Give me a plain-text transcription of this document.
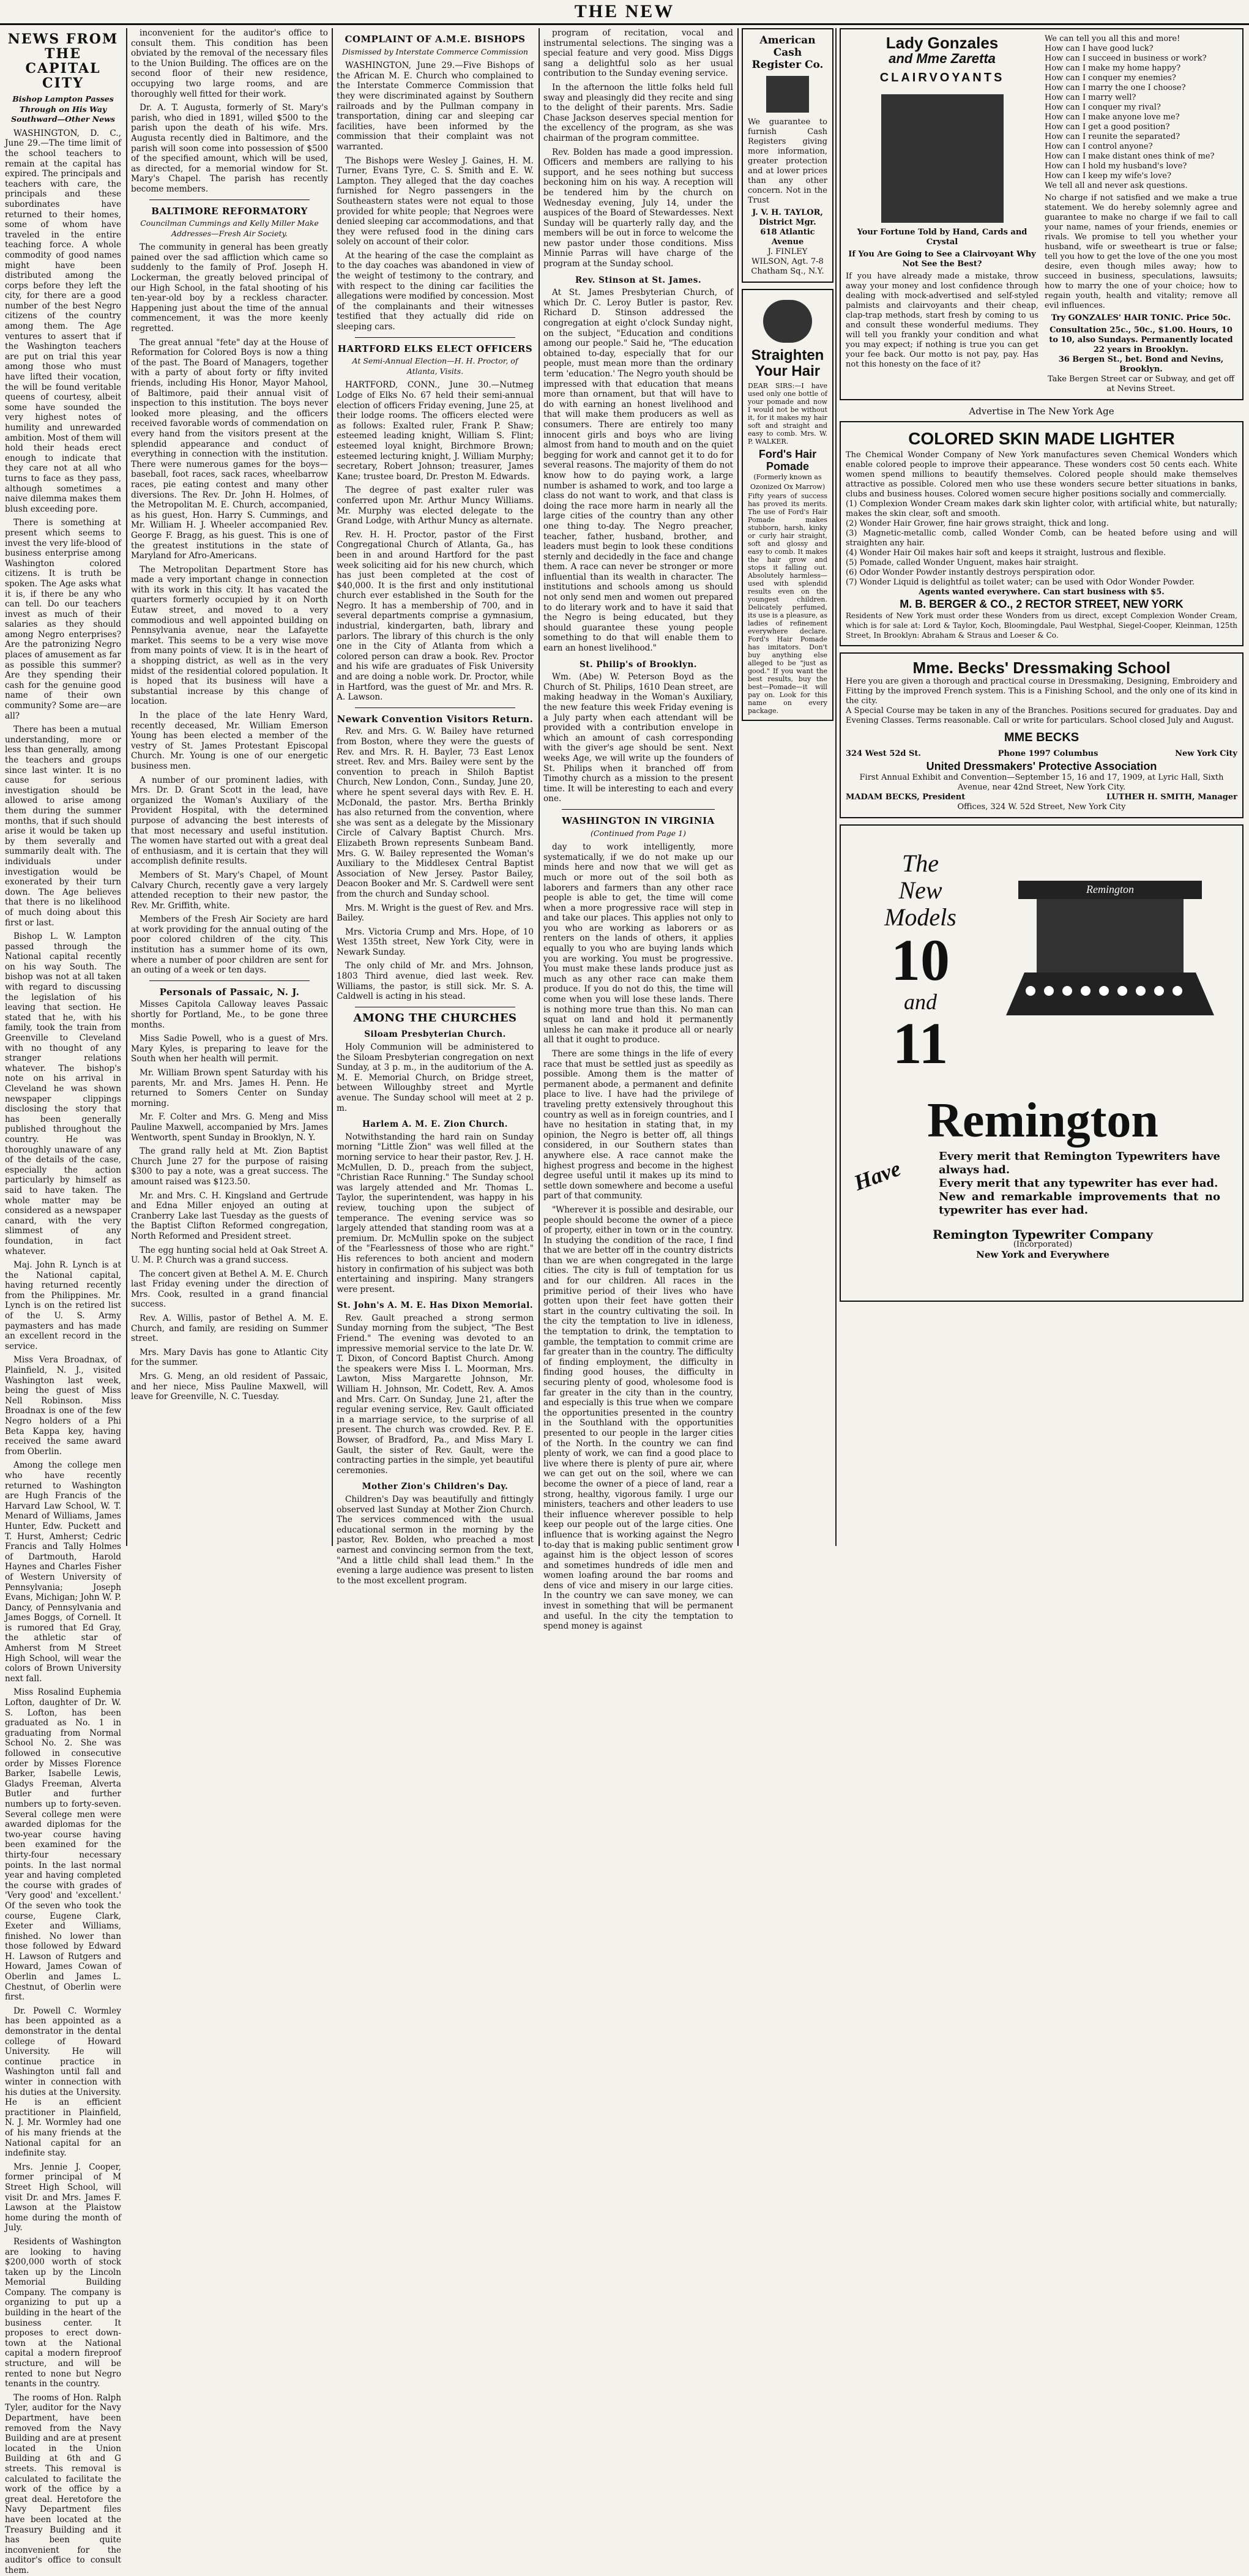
THE NEW
NEWS FROM THE CAPITAL CITY
Bishop Lampton Passes Through on His Way Southward—Other News

WASHINGTON, D. C., June 29.—The time limit of the school teachers to remain at the capital has expired. The principals and teachers with care, the principals and these subordinates have returned to their homes, some of whom have traveled in the entire teaching force. A whole commodity of good names might have been distributed among the corps before they left the city, for there are a good number of the best Negro citizens of the country among them. The Age ventures to assert that if the Washington teachers are put on trial this year among those who must have lifted their vocation, the will be found veritable queens of courtesy, albeit some have sounded the very highest notes of humility and unrewarded ambition. Most of them will hold their heads erect enough to indicate that they care not at all who turns to face as they pass, although sometimes a naive dilemma makes them blush exceeding pore.

There is something at present which seems to invest the very life-blood of business enterprise among Washington colored citizens. It is truth be spoken. The Age asks what it is, if there be any who can tell. Do our teachers invest as much of their salaries as they should among Negro enterprises? Are the patronizing Negro places of amusement as far as possible this summer? Are they spending their cash for the genuine good name of their own community? Some are—are all?

There has been a mutual understanding, more or less than generally, among the teachers and groups since last winter. It is no cause for serious investigation should be allowed to arise among them during the summer months, that if such should arise it would be taken up by them severally and summarily dealt with. The individuals under investigation would be exonerated by their turn down. The Age believes that there is no likelihood of much doing about this first or last.

Bishop L. W. Lampton passed through the National capital recently on his way South. The bishop was not at all taken with regard to discussing the legislation of his leaving that section. He stated that he, with his family, took the train from Greenville to Cleveland with no thought of any stranger relations whatever. The bishop's note on his arrival in Cleveland he was shown newspaper clippings disclosing the story that has been generally published throughout the country. He was thoroughly unaware of any of the details of the case, especially the action particularly by himself as said to have taken. The whole matter may be considered as a newspaper canard, with the very slimmest of any foundation, in fact whatever.

Maj. John R. Lynch is at the National capital, having returned recently from the Philippines. Mr. Lynch is on the retired list of the U. S. Army paymasters and has made an excellent record in the service.

Miss Vera Broadnax, of Plainfield, N. J., visited Washington last week, being the guest of Miss Nell Robinson. Miss Broadnax is one of the few Negro holders of a Phi Beta Kappa key, having received the same award from Oberlin.

Among the college men who have recently returned to Washington are Hugh Francis of the Harvard Law School, W. T. Menard of Williams, James Hunter, Edw. Puckett and T. Hurst, Amherst; Cedric Francis and Tally Holmes of Dartmouth, Harold Haynes and Charles Fisher of Western University of Pennsylvania; Joseph Evans, Michigan; John W. P. Dancy, of Pennsylvania and James Boggs, of Cornell. It is rumored that Ed Gray, the athletic star of Amherst from M Street High School, will wear the colors of Brown University next fall.

Miss Rosalind Euphemia Lofton, daughter of Dr. W. S. Lofton, has been graduated as No. 1 in graduating from Normal School No. 2. She was followed in consecutive order by Misses Florence Barker, Isabelle Lewis, Gladys Freeman, Alverta Butler and further numbers up to forty-seven. Several college men were awarded diplomas for the two-year course having been examined for the thirty-four necessary points. In the last normal year and having completed the course with grades of 'Very good' and 'excellent.' Of the seven who took the course, Eugene Clark, Exeter and Williams, finished. No lower than those followed by Edward H. Lawson of Rutgers and Howard, James Cowan of Oberlin and James L. Chestnut, of Oberlin were first.

Dr. Powell C. Wormley has been appointed as a demonstrator in the dental college of Howard University. He will continue practice in Washington until fall and winter in connection with his duties at the University. He is an efficient practitioner in Plainfield, N. J. Mr. Wormley had one of his many friends at the National capital for an indefinite stay.

Mrs. Jennie J. Cooper, former principal of M Street High School, will visit Dr. and Mrs. James F. Lawson at the Plaistow home during the month of July.

Residents of Washington are looking to having $200,000 worth of stock taken up by the Lincoln Memorial Building Company. The company is organizing to put up a building in the heart of the business center. It proposes to erect down-town at the National capital a modern fireproof structure, and will be rented to none but Negro tenants in the country.

The rooms of Hon. Ralph Tyler, auditor for the Navy Department, have been removed from the Navy Building and are at present located in the Union Building at 6th and G streets. This removal is calculated to facilitate the work of the office by a great deal. Heretofore the Navy Department files have been located at the Treasury Building and it has been quite inconvenient for the auditor's office to consult them.

inconvenient for the auditor's office to consult them. This condition has been obviated by the removal of the necessary files to the Union Building. The offices are on the second floor of their new residence, occupying two large rooms, and are thoroughly well fitted for their work.

Dr. A. T. Augusta, formerly of St. Mary's parish, who died in 1891, willed $500 to the parish upon the death of his wife. Mrs. Augusta recently died in Baltimore, and the parish will soon come into possession of $500 of the specified amount, which will be used, as directed, for a memorial window for St. Mary's Chapel. The parish has recently become members.

BALTIMORE REFORMATORY
Councilman Cummings and Kelly Miller Make Addresses—Fresh Air Society.

The community in general has been greatly pained over the sad affliction which came so suddenly to the family of Prof. Joseph H. Lockerman, the greatly beloved principal of our High School, in the fatal shooting of his ten-year-old boy by a reckless character. Happening just about the time of the annual commencement, it was the more keenly regretted.

The great annual "fete" day at the House of Reformation for Colored Boys is now a thing of the past. The Board of Managers, together with a party of about forty or fifty invited friends, including His Honor, Mayor Mahool, of Baltimore, paid their annual visit of inspection to this institution. The boys never looked more pleasing, and the officers received favorable words of commendation on every hand from the visitors present at the splendid appearance and conduct of everything in connection with the institution. There were numerous games for the boys—baseball, foot races, sack races, wheelbarrow races, pie eating contest and many other diversions. The Rev. Dr. John H. Holmes, of the Metropolitan M. E. Church, accompanied, as his guest, Hon. Harry S. Cummings, and Mr. William H. J. Wheeler accompanied Rev. George F. Bragg, as his guest. This is one of the greatest institutions in the state of Maryland for Afro-Americans.

The Metropolitan Department Store has made a very important change in connection with its work in this city. It has vacated the quarters formerly occupied by it on North Eutaw street, and moved to a very commodious and well appointed building on Pennsylvania avenue, near the Lafayette market. This seems to be a very wise move from many points of view. It is in the heart of a shopping district, as well as in the very midst of the residential colored population. It is hoped that its business will have a substantial increase by this change of location.

In the place of the late Henry Ward, recently deceased, Mr. William Emerson Young has been elected a member of the vestry of St. James Protestant Episcopal Church. Mr. Young is one of our energetic business men.

A number of our prominent ladies, with Mrs. Dr. D. Grant Scott in the lead, have organized the Woman's Auxiliary of the Provident Hospital, with the determined purpose of advancing the best interests of that most necessary and useful institution. The women have started out with a great deal of enthusiasm, and it is certain that they will accomplish definite results.

Members of St. Mary's Chapel, of Mount Calvary Church, recently gave a very largely attended reception to their new pastor, the Rev. Mr. Griffith, white.

Members of the Fresh Air Society are hard at work providing for the annual outing of the poor colored children of the city. This institution has a summer home of its own, where a number of poor children are sent for an outing of a week or ten days.

Personals of Passaic, N. J.

Misses Capitola Calloway leaves Passaic shortly for Portland, Me., to be gone three months.

Miss Sadie Powell, who is a guest of Mrs. Mary Kyles, is preparing to leave for the South when her health will permit.

Mr. William Brown spent Saturday with his parents, Mr. and Mrs. James H. Penn. He returned to Somers Center on Sunday morning.

Mr. F. Colter and Mrs. G. Meng and Miss Pauline Maxwell, accompanied by Mrs. James Wentworth, spent Sunday in Brooklyn, N. Y.

The grand rally held at Mt. Zion Baptist Church June 27 for the purpose of raising $300 to pay a note, was a great success. The amount raised was $123.50.

Mr. and Mrs. C. H. Kingsland and Gertrude and Edna Miller enjoyed an outing at Cranberry Lake last Tuesday as the guests of the Baptist Clifton Reformed congregation, North Reformed and President street.

The egg hunting social held at Oak Street A. U. M. P. Church was a grand success.

The concert given at Bethel A. M. E. Church last Friday evening under the direction of Mrs. Cook, resulted in a grand financial success.

Rev. A. Willis, pastor of Bethel A. M. E. Church, and family, are residing on Summer street.

Mrs. Mary Davis has gone to Atlantic City for the summer.

Mrs. G. Meng, an old resident of Passaic, and her niece, Miss Pauline Maxwell, will leave for Greenville, N. C. Tuesday.

COMPLAINT OF A.M.E. BISHOPS
Dismissed by Interstate Commerce Commission

WASHINGTON, June 29.—Five Bishops of the African M. E. Church who complained to the Interstate Commerce Commission that they were discriminated against by Southern railroads and by the Pullman company in transportation, dining car and sleeping car facilities, have been informed by the commission that their complaint was not warranted.

The Bishops were Wesley J. Gaines, H. M. Turner, Evans Tyre, C. S. Smith and E. W. Lampton. They alleged that the day coaches furnished for Negro passengers in the Southeastern states were not equal to those provided for white people; that Negroes were denied sleeping car accommodations, and that they were refused food in the dining cars solely on account of their color.

At the hearing of the case the complaint as to the day coaches was abandoned in view of the weight of testimony to the contrary, and with respect to the dining car facilities the allegations were modified by concession. Most of the complainants and their witnesses testified that they actually did ride on sleeping cars.

HARTFORD ELKS ELECT OFFICERS
At Semi-Annual Election—H. H. Proctor, of Atlanta, Visits.

HARTFORD, CONN., June 30.—Nutmeg Lodge of Elks No. 67 held their semi-annual election of officers Friday evening, June 25, at their lodge rooms. The officers elected were as follows: Exalted ruler, Frank P. Shaw; esteemed leading knight, William S. Flint; esteemed loyal knight, Birchmore Brown; esteemed lecturing knight, J. William Murphy; secretary, Robert Johnson; treasurer, James Kane; trustee board, Dr. Preston M. Edwards.

The degree of past exalter ruler was conferred upon Mr. Arthur Muncy Williams. Mr. Murphy was elected delegate to the Grand Lodge, with Arthur Muncy as alternate.

Rev. H. H. Proctor, pastor of the First Congregational Church of Atlanta, Ga., has been in and around Hartford for the past week soliciting aid for his new church, which has just been completed at the cost of $40,000. It is the first and only institutional church ever established in the South for the Negro. It has a membership of 700, and in several departments comprise a gymnasium, industrial, kindergarten, bath, library and parlors. The library of this church is the only one in the City of Atlanta from which a colored person can draw a book. Rev. Proctor and his wife are graduates of Fisk University and are doing a noble work. Dr. Proctor, while in Hartford, was the guest of Mr. and Mrs. R. A. Lawson.

Newark Convention Visitors Return.

Rev. and Mrs. G. W. Bailey have returned from Boston, where they were the guests of Rev. and Mrs. R. H. Bayler, 73 East Lenox street. Rev. and Mrs. Bailey were sent by the convention to preach in Shiloh Baptist Church, New London, Conn., Sunday, June 20, where he spent several days with Rev. E. H. McDonald, the pastor. Mrs. Bertha Brinkly has also returned from the convention, where she was sent as a delegate by the Missionary Circle of Calvary Baptist Church. Mrs. Elizabeth Brown represents Sunbeam Band. Mrs. G. W. Bailey represented the Woman's Auxiliary to the Middlesex Central Baptist Association of New Jersey. Pastor Bailey, Deacon Booker and Mr. S. Cardwell were sent from the church and Sunday school.

Mrs. M. Wright is the guest of Rev. and Mrs. Bailey.

Mrs. Victoria Crump and Mrs. Hope, of 10 West 135th street, New York City, were in Newark Sunday.

The only child of Mr. and Mrs. Johnson, 1803 Third avenue, died last week. Rev. Williams, the pastor, is still sick. Mr. S. A. Caldwell is acting in his stead.

AMONG THE CHURCHES
Siloam Presbyterian Church.

Holy Communion will be administered to the Siloam Presbyterian congregation on next Sunday, at 3 p. m., in the auditorium of the A. M. E. Memorial Church, on Bridge street, between Willoughby street and Myrtle avenue. The Sunday school will meet at 2 p. m.

Harlem A. M. E. Zion Church.

Notwithstanding the hard rain on Sunday morning "Little Zion" was well filled at the morning service to hear their pastor, Rev. J. H. McMullen, D. D., preach from the subject, "Christian Race Running." The Sunday school was largely attended and Mr. Thomas L. Taylor, the superintendent, was happy in his review, touching upon the subject of temperance. The evening service was so largely attended that standing room was at a premium. Dr. McMullin spoke on the subject of the "Fearlessness of those who are right." His references to both ancient and modern history in confirmation of his subject was both entertaining and inspiring. Many strangers were present.

St. John's A. M. E. Has Dixon Memorial.

Rev. Gault preached a strong sermon Sunday morning from the subject, "The Best Friend." The evening was devoted to an impressive memorial service to the late Dr. W. T. Dixon, of Concord Baptist Church. Among the speakers were Miss I. L. Moorman, Mrs. Lawton, Miss Margarette Johnson, Mr. William H. Johnson, Mr. Codett, Rev. A. Amos and Mrs. Carr. On Sunday, June 21, after the regular evening service, Rev. Gault officiated in a marriage service, to the surprise of all present. The church was crowded. Rev. P. E. Bowser, of Bradford, Pa., and Miss Mary I. Gault, the sister of Rev. Gault, were the contracting parties in the simple, yet beautiful ceremonies.

Mother Zion's Children's Day.

Children's Day was beautifully and fittingly observed last Sunday at Mother Zion Church. The services commenced with the usual educational sermon in the morning by the pastor, Rev. Bolden, who preached a most earnest and convincing sermon from the text, "And a little child shall lead them." In the evening a large audience was present to listen to the most excellent program.

program of recitation, vocal and instrumental selections. The singing was a special feature and very good. Miss Diggs sang a delightful solo as her usual contribution to the Sunday evening service.

In the afternoon the little folks held full sway and pleasingly did they recite and sing to the delight of their parents. Mrs. Sadie Chase Jackson deserves special mention for the excellency of the program, as she was chairman of the program committee.

Rev. Bolden has made a good impression. Officers and members are rallying to his support, and he sees nothing but success beckoning him on his way. A reception will be tendered him by the church on Wednesday evening, July 14, under the auspices of the Board of Stewardesses. Next Sunday will be quarterly rally day, and the members will be out in force to welcome the new pastor under those conditions. Miss Minnie Parras will have charge of the program at the Sunday school.

Rev. Stinson at St. James.

At St. James Presbyterian Church, of which Dr. C. Leroy Butler is pastor, Rev. Richard D. Stinson addressed the congregation at eight o'clock Sunday night, on the subject, "Education and conditions among our people." Said he, "The education obtained to-day, especially that for our people, must mean more than the ordinary term 'education.' The Negro youth should be impressed with that education that means more than ornament, but that will have to do with earning an honest livelihood and that will make them producers as well as consumers. There are entirely too many innocent girls and boys who are living almost from hand to mouth and on the quiet begging for work and cannot get it to do for several reasons. The majority of them do not know how to do paying work, a large number is ashamed to work, and too large a class do not want to work, and that class is doing the race more harm in nearly all the large cities of the country than any other one thing to-day. The Negro preacher, teacher, father, husband, brother, and leaders must begin to look these conditions sternly and decidedly in the face and change them. A race can never be stronger or more influential than its wealth in character. The institutions and schools among us should not only send men and women out prepared to do literary work and to have it said that the Negro is being educated, but they should guarantee these young people something to do that will enable them to earn an honest livelihood."

St. Philip's of Brooklyn.

Wm. (Abe) W. Peterson Boyd as the Church of St. Philips, 1610 Dean street, are making headway in the Woman's Auxiliary, the new feature this week Friday evening is a July party when each attendant will be provided with a contribution envelope in which an amount of cash corresponding with the giver's age should be sent. Next weeks Age, we will write up the founders of St. Philips when it branched off from Timothy church as a mission to the present time. It will be interesting to each and every one.

WASHINGTON IN VIRGINIA
(Continued from Page 1)

day to work intelligently, more systematically, if we do not make up our minds here and now that we will get as much or more out of the soil both as laborers and farmers than any other race people is able to get, the time will come when a more progressive race will step in and take our places. This applies not only to you who are working as laborers or as renters on the lands of others, it applies equally to you who are buying lands which you are working. You must be progressive. You must make these lands produce just as much as any other race can make them produce. If you do not do this, the time will come when you will lose these lands. There is nothing more true than this. No man can squat on land and hold it permanently unless he can make it produce all or nearly all that it ought to produce.

There are some things in the life of every race that must be settled just as speedily as possible. Among them is the matter of permanent abode, a permanent and definite place to live. I have had the privilege of traveling pretty extensively throughout this country as well as in foreign countries, and I have no hesitation in stating that, in my opinion, the Negro is better off, all things considered, in our Southern states than anywhere else. A race cannot make the highest progress and become in the highest degree useful until it makes up its mind to settle down somewhere and become a useful part of that community.

"Wherever it is possible and desirable, our people should become the owner of a piece of property, either in town or in the country. In studying the condition of the race, I find that we are better off in the country districts than we are when congregated in the large cities. The city is full of temptation for us and for our children. All races in the primitive period of their lives who have gotten upon their feet have gotten their start in the country cultivating the soil. In the city the temptation to live in idleness, the temptation to drink, the temptation to gamble, the temptation to commit crime are far greater than in the country. The difficulty of finding employment, the difficulty in finding good houses, the difficulty in securing plenty of good, wholesome food is far greater in the city than in the country, and especially is this true when we compare the opportunities presented in the country in the Southland with the opportunities presented to our people in the larger cities of the North. In the country we can find plenty of work, we can find a good place to live where there is plenty of pure air, where we can get out on the soil, where we can become the owner of a piece of land, rear a strong, healthy, vigorous family. I urge our ministers, teachers and other leaders to use their influence wherever possible to help keep our people out of the large cities. One influence that is working against the Negro to-day that is making public sentiment grow against him is the object lesson of scores and sometimes hundreds of idle men and women loafing around the bar rooms and dens of vice and misery in our large cities. In the country we can save money, we can invest in something that will be permanent and useful. In the city the temptation to spend money is against

American Cash Register Co.
We guarantee to furnish Cash Registers giving more information, greater protection and at lower prices than any other concern. Not in the Trust
J. V. H. TAYLOR, District Mgr.
618 Atlantic Avenue
J. FINLEY WILSON, Agt. 7-8 Chatham Sq., N.Y.
Straighten
Your Hair
DEAR SIRS:—I have used only one bottle of your pomade and now I would not be without it, for it makes my hair soft and straight and easy to comb. Mrs. W. P. WALKER.
Ford's Hair
Pomade
(Formerly known as Ozonized Ox Marrow)
Fifty years of success has proved its merits. The use of Ford's Hair Pomade makes stubborn, harsh, kinky or curly hair straight, soft and glossy and easy to comb. It makes the hair grow and stops it falling out. Absolutely harmless—used with splendid results even on the youngest children. Delicately perfumed, its use is a pleasure, as ladies of refinement everywhere declare. Ford's Hair Pomade has imitators. Don't buy anything else alleged to be "just as good." If you want the best results, buy the best—Pomade—it will pay on. Look for this name on every package.
Lady Gonzales
and Mme Zaretta
CLAIRVOYANTS
Your Fortune Told by Hand, Cards and Crystal
If You Are Going to See a Clairvoyant Why Not See the Best?
If you have already made a mistake, throw away your money and lost confidence through dealing with mock-advertised and self-styled palmists and clairvoyants and their cheap, clap-trap methods, start fresh by coming to us and consult these wonderful mediums. They will tell you frankly your condition and what you may expect; if nothing is true you can get your fee back. Our motto is not pay, pay. Has not this honesty on the face of it?
We can tell you all this and more!
How can I have good luck?
How can I succeed in business or work?
How can I make my home happy?
How can I conquer my enemies?
How can I marry the one I choose?
How can I marry well?
How can I conquer my rival?
How can I make anyone love me?
How can I get a good position?
How can I reunite the separated?
How can I control anyone?
How can I make distant ones think of me?
How can I hold my husband's love?
How can I keep my wife's love?
We tell all and never ask questions.
No charge if not satisfied and we make a true statement. We do hereby solemnly agree and guarantee to make no charge if we fail to call your name, names of your friends, enemies or rivals. We promise to tell you whether your husband, wife or sweetheart is true or false; tell you how to get the love of the one you most desire, even though miles away; how to succeed in business, speculations, lawsuits; how to marry the one of your choice; how to regain youth, health and vitality; remove all evil influences.
Try GONZALES' HAIR TONIC. Price 50c.
Consultation 25c., 50c., $1.00. Hours, 10 to 10, also Sundays. Permanently located 22 years in Brooklyn.
36 Bergen St., bet. Bond and Nevins, Brooklyn.
Take Bergen Street car or Subway, and get off at Nevins Street.
Advertise in The New York Age
COLORED SKIN MADE LIGHTER
The Chemical Wonder Company of New York manufactures seven Chemical Wonders which enable colored people to improve their appearance. These wonders cost 50 cents each. White women spend millions to beautify themselves. Colored people should make themselves attractive as possible. Colored men who use these wonders secure better situations in banks, clubs and business houses. Colored women secure higher positions socially and commercially.
(1) Complexion Wonder Cream makes dark skin lighter color, with artificial white, but naturally; makes the skin clear, soft and smooth.
(2) Wonder Hair Grower, fine hair grows straight, thick and long.
(3) Magnetic-metallic comb, called Wonder Comb, can be heated before using and will straighten any hair.
(4) Wonder Hair Oil makes hair soft and keeps it straight, lustrous and flexible.
(5) Pomade, called Wonder Unguent, makes hair straight.
(6) Odor Wonder Powder instantly destroys perspiration odor.
(7) Wonder Liquid is delightful as toilet water; can be used with Odor Wonder Powder.
Agents wanted everywhere. Can start business with $5.
M. B. BERGER & CO., 2 RECTOR STREET, NEW YORK
Residents of New York must order these Wonders from us direct, except Complexion Wonder Cream, which is for sale at: Lord & Taylor, Koch, Bloomingdale, Paul Westphal, Siegel-Cooper, Kleinman, 125th Street, In Brooklyn: Abraham & Straus and Loeser & Co.
Mme. Becks' Dressmaking School
Here you are given a thorough and practical course in Dressmaking, Designing, Embroidery and Fitting by the improved French system. This is a Finishing School, and the only one of its kind in the city.
A Special Course may be taken in any of the Branches. Positions secured for graduates. Day and Evening Classes. Terms reasonable. Call or write for particulars. School closed July and August.
MME BECKS
324 West 52d St.	Phone 1997 Columbus	New York City
United Dressmakers' Protective Association
First Annual Exhibit and Convention—September 15, 16 and 17, 1909, at Lyric Hall, Sixth Avenue, near 42nd Street, New York City.
MADAM BECKS, President	LUTHER H. SMITH, Manager
Offices, 324 W. 52d Street, New York City
The
New
Models
10
and
11
Remington
Remington
Have	Every merit that Remington Typewriters have always had.
Every merit that any typewriter has ever had.
New and remarkable improvements that no typewriter has ever had.
Remington Typewriter Company
(Incorporated)
New York and Everywhere
